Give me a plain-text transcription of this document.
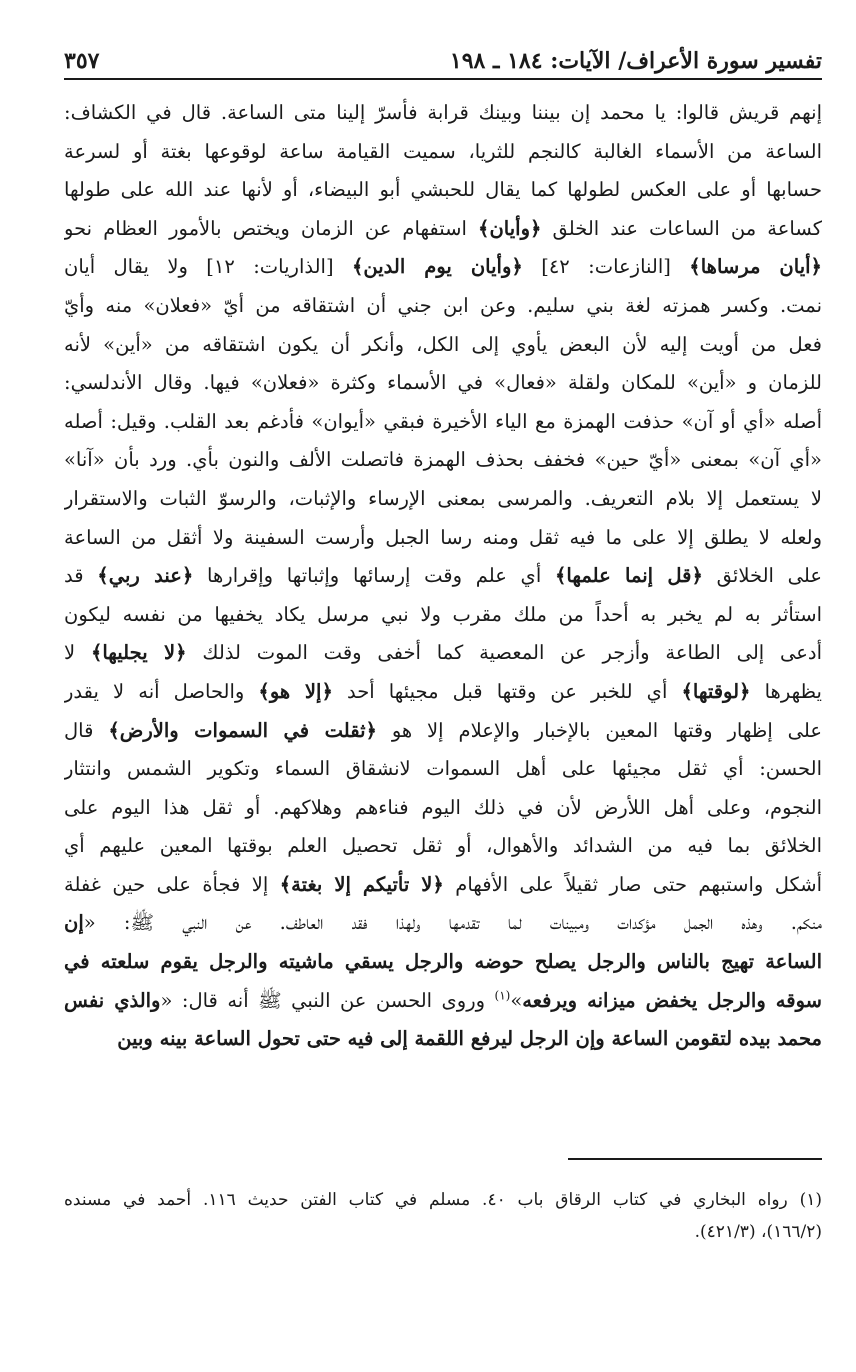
تفسير سورة الأعراف/ الآيات: ١٨٤ ـ ١٩٨
٣٥٧
إنهم قريش قالوا: يا محمد إن بيننا وبينك قرابة فأسرّ إلينا متى الساعة. قال في الكشاف:
الساعة من الأسماء الغالبة كالنجم للثريا، سميت القيامة ساعة لوقوعها بغتة أو لسرعة
حسابها أو على العكس لطولها كما يقال للحبشي أبو البيضاء، أو لأنها عند الله على طولها
كساعة من الساعات عند الخلق ﴿وأيان﴾ استفهام عن الزمان ويختص بالأمور العظام نحو
﴿أيان مرساها﴾ [النازعات: ٤٢] ﴿وأيان يوم الدين﴾ [الذاريات: ١٢] ولا يقال أيان
نمت. وكسر همزته لغة بني سليم. وعن ابن جني أن اشتقاقه من أيّ «فعلان» منه وأيّ
فعل من أويت إليه لأن البعض يأوي إلى الكل، وأنكر أن يكون اشتقاقه من «أين» لأنه
للزمان و «أين» للمكان ولقلة «فعال» في الأسماء وكثرة «فعلان» فيها. وقال الأندلسي:
أصله «أي أو آن» حذفت الهمزة مع الياء الأخيرة فبقي «أيوان» فأدغم بعد القلب. وقيل: أصله
«أي آن» بمعنى «أيّ حين» فخفف بحذف الهمزة فاتصلت الألف والنون بأي. ورد بأن «آنا»
لا يستعمل إلا بلام التعريف. والمرسى بمعنى الإرساء والإثبات، والرسوّ الثبات والاستقرار
ولعله لا يطلق إلا على ما فيه ثقل ومنه رسا الجبل وأرست السفينة ولا أثقل من الساعة
على الخلائق ﴿قل إنما علمها﴾ أي علم وقت إرسائها وإثباتها وإقرارها ﴿عند ربي﴾ قد
استأثر به لم يخبر به أحداً من ملك مقرب ولا نبي مرسل يكاد يخفيها من نفسه ليكون
أدعى إلى الطاعة وأزجر عن المعصية كما أخفى وقت الموت لذلك ﴿لا يجليها﴾ لا
يظهرها ﴿لوقتها﴾ أي للخبر عن وقتها قبل مجيئها أحد ﴿إلا هو﴾ والحاصل أنه لا يقدر
على إظهار وقتها المعين بالإخبار والإعلام إلا هو ﴿ثقلت في السموات والأرض﴾ قال
الحسن: أي ثقل مجيئها على أهل السموات لانشقاق السماء وتكوير الشمس وانتثار
النجوم، وعلى أهل اللأرض لأن في ذلك اليوم فناءهم وهلاكهم. أو ثقل هذا اليوم على
الخلائق بما فيه من الشدائد والأهوال، أو ثقل تحصيل العلم بوقتها المعين عليهم أي
أشكل واستبهم حتى صار ثقيلاً على الأفهام ﴿لا تأتيكم إلا بغتة﴾ إلا فجأة على حين غفلة
منكم. وهذه الجمل مؤكدات ومبينات لما تقدمها ولهذا فقد العاطف. عن النبي ﷺ: «إن
الساعة تهيج بالناس والرجل يصلح حوضه والرجل يسقي ماشيته والرجل يقوم سلعته في
سوقه والرجل يخفض ميزانه ويرفعه»$^{(١)}$ وروى الحسن عن النبي ﷺ أنه قال: «والذي نفس
محمد بيده لتقومن الساعة وإن الرجل ليرفع اللقمة إلى فيه حتى تحول الساعة بينه وبين
(١) رواه البخاري في كتاب الرقاق باب ٤٠. مسلم في كتاب الفتن حديث ١١٦. أحمد في مسنده
(١٦٦/٢)، (٤٢١/٣).
